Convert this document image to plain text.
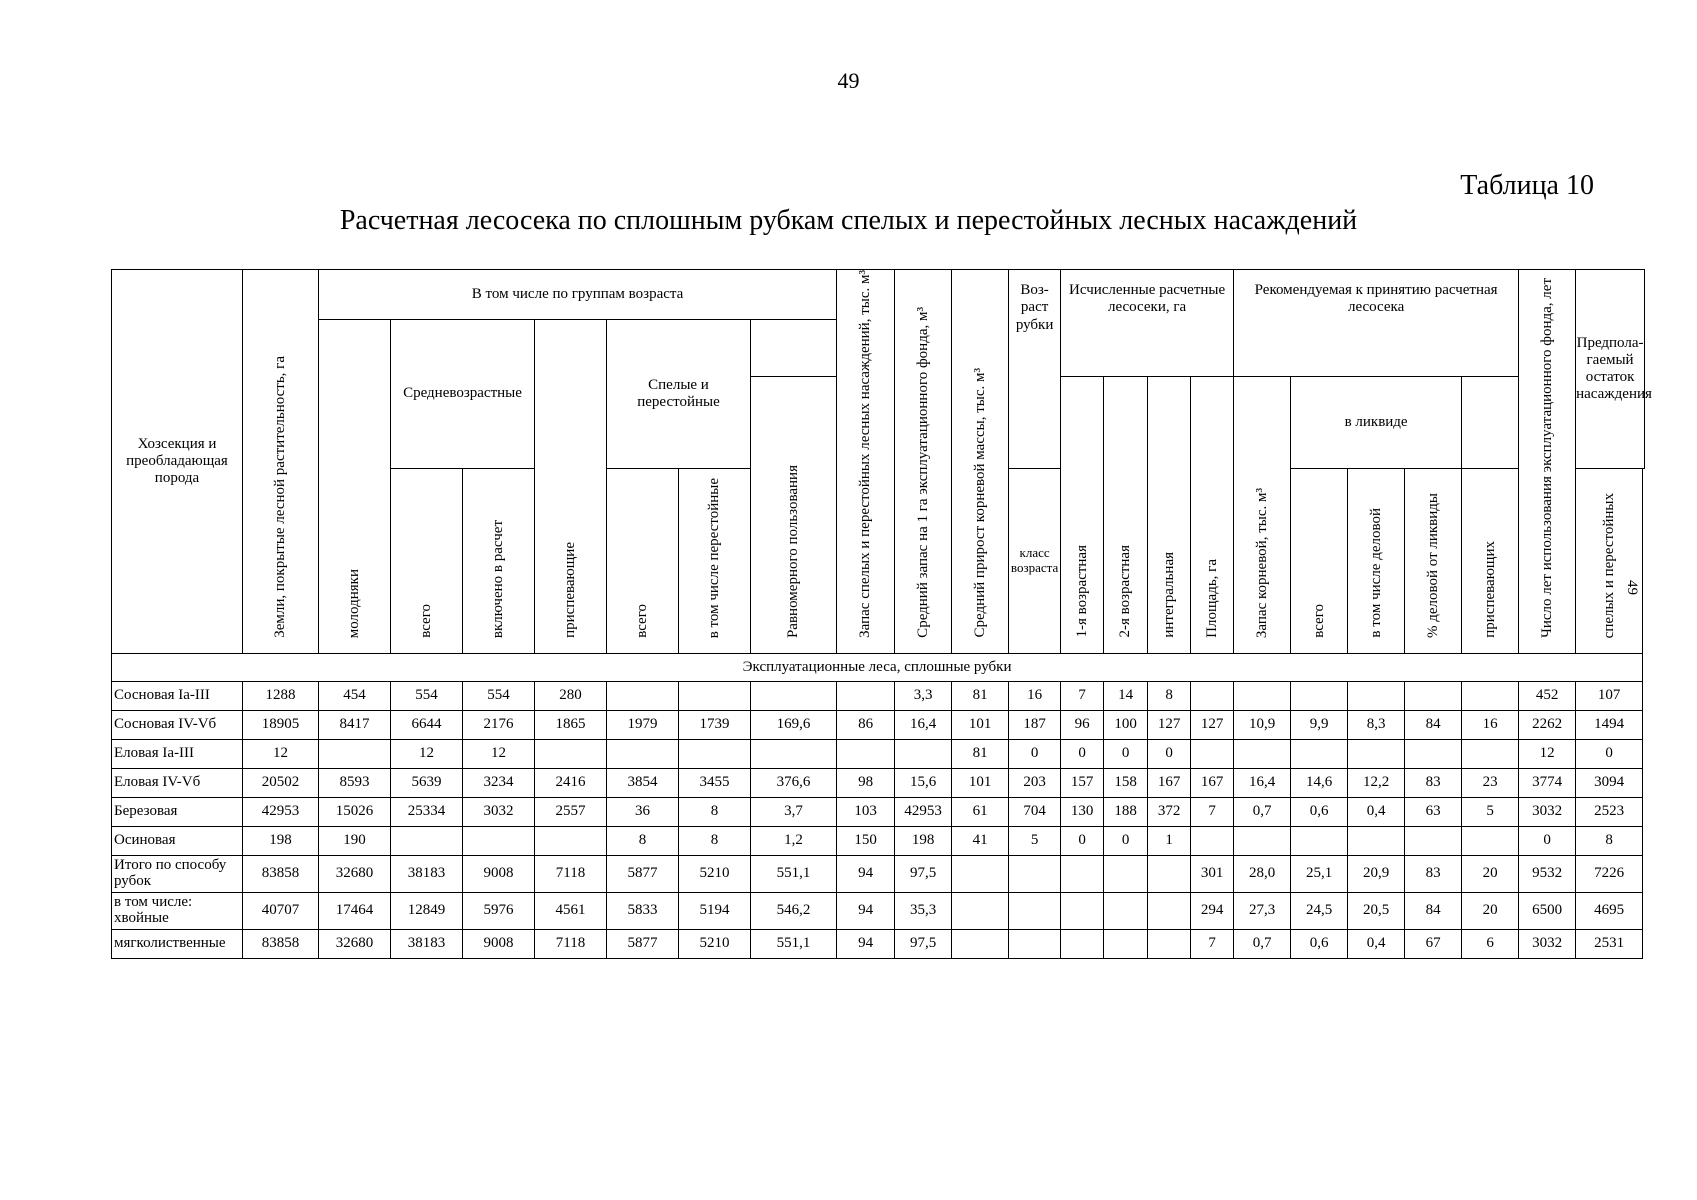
49
49
Таблица 10
Расчетная лесосека по сплошным рубкам спелых и перестойных лесных насаждений
Хозсекция и преобладающая порода	Земли, покрытые лесной растительность, га	В том числе по группам возраста							Запас спелых и перестойных лесных насаждений, тыс. м³	Средний запас на 1 га эксплуатационного фонда, м³	Средний прирост корневой массы, тыс. м³	Воз-раст рубки	Исчисленные расчетные лесосеки, га				Рекомендуемая к принятию расчетная лесосека					Число лет использования эксплуатационного фонда, лет	Предпола-гаемый остаток насаждения
		молодняки	Средневозрастные		приспевающие	Спелые и перестойные																	
								Равномерного пользования					1-я возрастная	2-я возрастная	интегральная	Площадь, га	Запас корневой, тыс. м³	в ликвиде					
			всего	включено в расчет		всего	в том числе перестойные					класс возраста						всего	в том числе деловой	% деловой от ликвиды	приспевающих		спелых и перестойных
Эксплуатационные леса, сплошные рубки																							
Сосновая Iа-III	1288	454	554	554	280					3,3	81	16	7	14	8							452	107
Сосновая IV-Vб	18905	8417	6644	2176	1865	1979	1739	169,6	86	16,4	101	187	96	100	127	127	10,9	9,9	8,3	84	16	2262	1494
Еловая Iа-III	12		12	12							81	0	0	0	0							12	0
Еловая IV-Vб	20502	8593	5639	3234	2416	3854	3455	376,6	98	15,6	101	203	157	158	167	167	16,4	14,6	12,2	83	23	3774	3094
Березовая	42953	15026	25334	3032	2557	36	8	3,7	103	42953	61	704	130	188	372	7	0,7	0,6	0,4	63	5	3032	2523
Осиновая	198	190				8	8	1,2	150	198	41	5	0	0	1							0	8
Итого по способу рубок	83858	32680	38183	9008	7118	5877	5210	551,1	94	97,5						301	28,0	25,1	20,9	83	20	9532	7226
в том числе: хвойные	40707	17464	12849	5976	4561	5833	5194	546,2	94	35,3						294	27,3	24,5	20,5	84	20	6500	4695
мягколиственные	83858	32680	38183	9008	7118	5877	5210	551,1	94	97,5						7	0,7	0,6	0,4	67	6	3032	2531
